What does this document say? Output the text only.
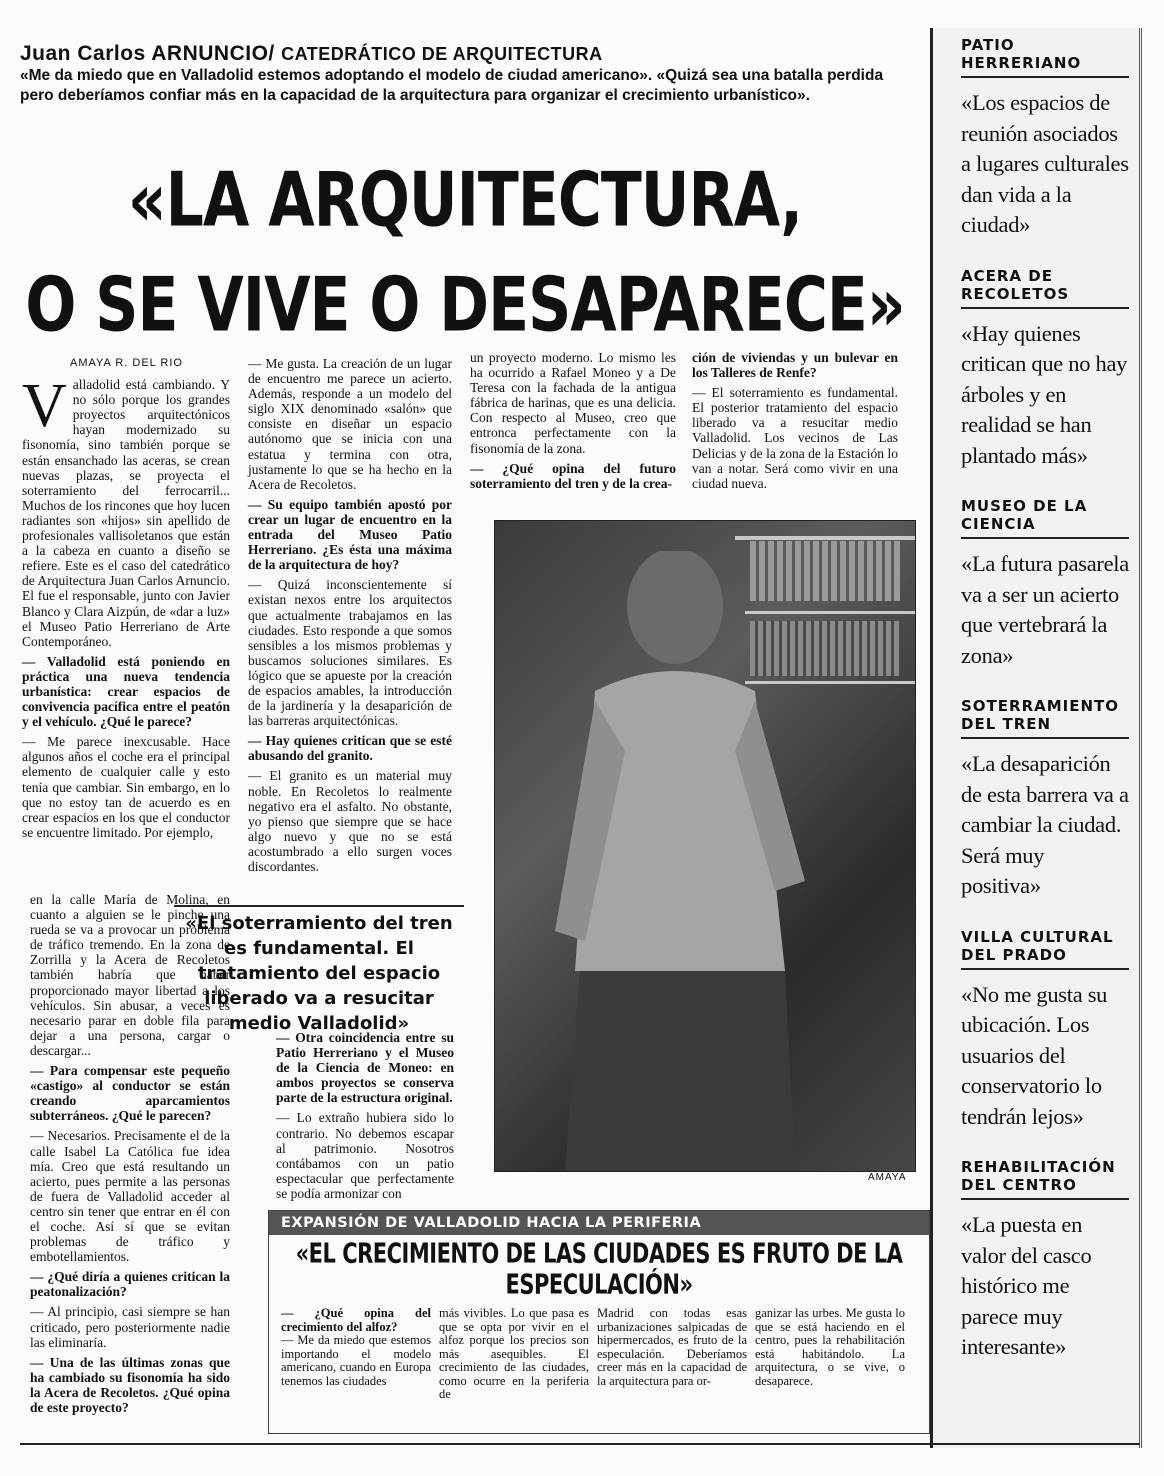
Juan Carlos ARNUNCIO/ CATEDRÁTICO DE ARQUITECTURA
«Me da miedo que en Valladolid estemos adoptando el modelo de ciudad americano». «Quizá sea una batalla perdida pero deberíamos confiar más en la capacidad de la arquitectura para organizar el crecimiento urbanístico».
«LA ARQUITECTURA,
O SE VIVE O DESAPARECE»
AMAYA R. DEL RIO
V alladolid está cambiando. Y no sólo porque los grandes proyectos arquitectónicos hayan modernizado su fisonomía, sino también porque se están ensanchado las aceras, se crean nuevas plazas, se proyecta el soterramiento del ferrocarril... Muchos de los rincones que hoy lucen radiantes son «hijos» sin apellido de profesionales vallisoletanos que están a la cabeza en cuanto a diseño se refiere. Este es el caso del catedrático de Arquitectura Juan Carlos Arnuncio. El fue el responsable, junto con Javier Blanco y Clara Aizpún, de «dar a luz» el Museo Patio Herreriano de Arte Contemporáneo.

— Valladolid está poniendo en práctica una nueva tendencia urbanística: crear espacios de convivencia pacífica entre el peatón y el vehículo. ¿Qué le parece?

— Me parece inexcusable. Hace algunos años el coche era el principal elemento de cualquier calle y esto tenía que cambiar. Sin embargo, en lo que no estoy tan de acuerdo es en crear espacios en los que el conductor se encuentre limitado. Por ejemplo,

en la calle María de Molina, en cuanto a alguien se le pinche una rueda se va a provocar un problema de tráfico tremendo. En la zona de Zorrilla y la Acera de Recoletos también habría que haber proporcionado mayor libertad a los vehículos. Sin abusar, a veces es necesario parar en doble fila para dejar a una persona, cargar o descargar...

— Para compensar este pequeño «castigo» al conductor se están creando aparcamientos subterráneos. ¿Qué le parecen?

— Necesarios. Precisamente el de la calle Isabel La Católica fue idea mía. Creo que está resultando un acierto, pues permite a las personas de fuera de Valladolid acceder al centro sin tener que entrar en él con el coche. Así sí que se evitan problemas de tráfico y embotellamientos.

— ¿Qué diría a quienes critican la peatonalización?

— Al principio, casi siempre se han criticado, pero posteriormente nadie las eliminaría.

— Una de las últimas zonas que ha cambiado su fisonomía ha sido la Acera de Recoletos. ¿Qué opina de este proyecto?

— Me gusta. La creación de un lugar de encuentro me parece un acierto. Además, responde a un modelo del siglo XIX denominado «salón» que consiste en diseñar un espacio autónomo que se inicia con una estatua y termina con otra, justamente lo que se ha hecho en la Acera de Recoletos.

— Su equipo también apostó por crear un lugar de encuentro en la entrada del Museo Patio Herreriano. ¿Es ésta una máxima de la arquitectura de hoy?

— Quizá inconscientemente sí existan nexos entre los arquitectos que actualmente trabajamos en las ciudades. Esto responde a que somos sensibles a los mismos problemas y buscamos soluciones similares. Es lógico que se apueste por la creación de espacios amables, la introducción de la jardinería y la desaparición de las barreras arquitectónicas.

— Hay quienes critican que se esté abusando del granito.

— El granito es un material muy noble. En Recoletos lo realmente negativo era el asfalto. No obstante, yo pienso que siempre que se hace algo nuevo y que no se está acostumbrado a ello surgen voces discordantes.

— Otra coincidencia entre su Patio Herreriano y el Museo de la Ciencia de Moneo: en ambos proyectos se conserva parte de la estructura original.

— Lo extraño hubiera sido lo contrario. No debemos escapar al patrimonio. Nosotros contábamos con un patio espectacular que perfectamente se podía armonizar con

un proyecto moderno. Lo mismo les ha ocurrido a Rafael Moneo y a De Teresa con la fachada de la antigua fábrica de harinas, que es una delicia. Con respecto al Museo, creo que entronca perfectamente con la fisonomía de la zona.

— ¿Qué opina del futuro soterramiento del tren y de la crea-

ción de viviendas y un bulevar en los Talleres de Renfe?

— El soterramiento es fundamental. El posterior tratamiento del espacio liberado va a resucitar medio Valladolid. Los vecinos de Las Delicias y de la zona de la Estación lo van a notar. Será como vivir en una ciudad nueva.

AMAYA
«El soterramiento del tren es fundamental. El tratamiento del espacio liberado va a resucitar medio Valladolid»
EXPANSIÓN DE VALLADOLID HACIA LA PERIFERIA
«EL CRECIMIENTO DE LAS CIUDADES ES FRUTO DE LA ESPECULACIÓN»
— ¿Qué opina del crecimiento del alfoz?
— Me da miedo que estemos importando el modelo americano, cuando en Europa tenemos las ciudades
más vivibles. Lo que pasa es que se opta por vivir en el alfoz porque los precios son más asequibles. El crecimiento de las ciudades, como ocurre en la periferia de
Madrid con todas esas urbanizaciones salpicadas de hipermercados, es fruto de la especulación. Deberíamos creer más en la capacidad de la arquitectura para or-
ganizar las urbes. Me gusta lo que se está haciendo en el centro, pues la rehabilitación está habitándolo. La arquitectura, o se vive, o desaparece.
PATIO HERRERIANO
«Los espacios de reunión asociados a lugares culturales dan vida a la ciudad»
ACERA DE RECOLETOS
«Hay quienes critican que no hay árboles y en realidad se han plantado más»
MUSEO DE LA CIENCIA
«La futura pasarela va a ser un acierto que vertebrará la zona»
SOTERRAMIENTO DEL TREN
«La desaparición de esta barrera va a cambiar la ciudad. Será muy positiva»
VILLA CULTURAL DEL PRADO
«No me gusta su ubicación. Los usuarios del conservatorio lo tendrán lejos»
REHABILITACIÓN DEL CENTRO
«La puesta en valor del casco histórico me parece muy interesante»
